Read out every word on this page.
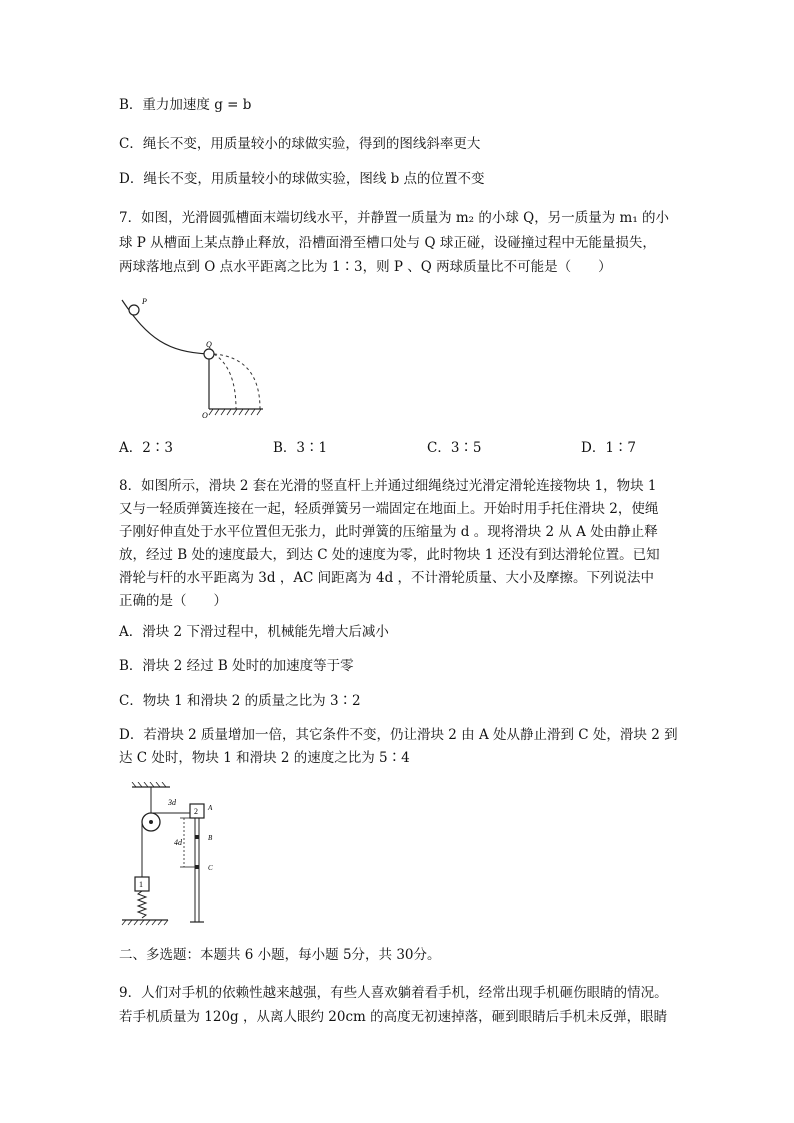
B．重力加速度 g = b
C．绳长不变，用质量较小的球做实验，得到的图线斜率更大
D．绳长不变，用质量较小的球做实验，图线 b 点的位置不变
7．如图，光滑圆弧槽面末端切线水平，并静置一质量为 m₂ 的小球 Q，另一质量为 m₁ 的小
球 P 从槽面上某点静止释放，沿槽面滑至槽口处与 Q 球正碰，设碰撞过程中无能量损失，
两球落地点到 O 点水平距离之比为 1∶3，则 P 、Q 两球质量比不可能是（　　）
P
Q
O
A．2∶3	B．3∶1	C．3∶5	D．1∶7
8．如图所示，滑块 2 套在光滑的竖直杆上并通过细绳绕过光滑定滑轮连接物块 1，物块 1
又与一轻质弹簧连接在一起，轻质弹簧另一端固定在地面上。开始时用手托住滑块 2，使绳
子刚好伸直处于水平位置但无张力，此时弹簧的压缩量为 d 。现将滑块 2 从 A 处由静止释
放，经过 B 处的速度最大，到达 C 处的速度为零，此时物块 1 还没有到达滑轮位置。已知
滑轮与杆的水平距离为 3d ，AC 间距离为 4d ，不计滑轮质量、大小及摩擦。下列说法中
正确的是（　　）
A．滑块 2 下滑过程中，机械能先增大后减小
B．滑块 2 经过 B 处时的加速度等于零
C．物块 1 和滑块 2 的质量之比为 3∶2
D．若滑块 2 质量增加一倍，其它条件不变，仍让滑块 2 由 A 处从静止滑到 C 处，滑块 2 到
达 C 处时，物块 1 和滑块 2 的速度之比为 5∶4
3d
2 A
B
C
4d
1
二、多选题：本题共 6 小题，每小题 5分，共 30分。
9．人们对手机的依赖性越来越强，有些人喜欢躺着看手机，经常出现手机砸伤眼睛的情况。
若手机质量为 120g ，从离人眼约 20cm 的高度无初速掉落，砸到眼睛后手机未反弹，眼睛
